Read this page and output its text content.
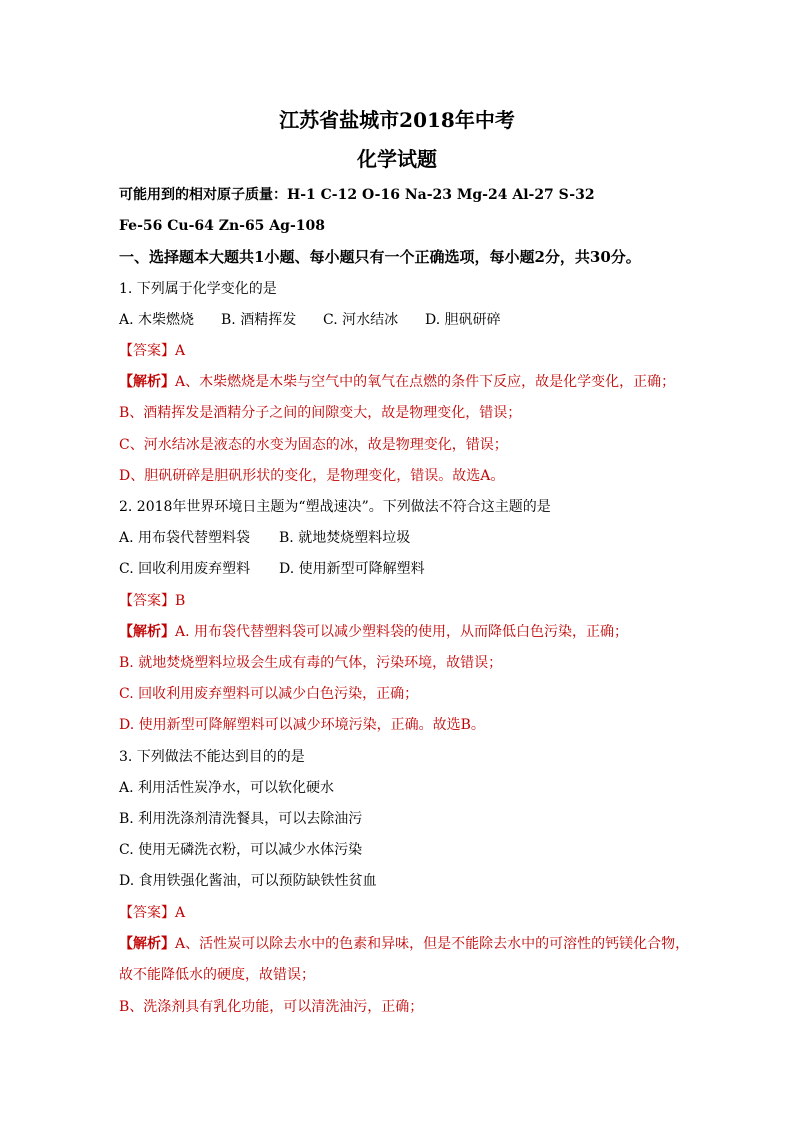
江苏省盐城市2018年中考
化学试题
可能用到的相对原子质量：H-1 C-12 O-16 Na-23 Mg-24 Al-27 S-32
Fe-56 Cu-64 Zn-65 Ag-108
一、选择题本大题共1小题、每小题只有一个正确选项，每小题2分，共30分。
1. 下列属于化学变化的是
A. 木柴燃烧 B. 酒精挥发 C. 河水结冰 D. 胆矾研碎
【答案】A
【解析】A、木柴燃烧是木柴与空气中的氧气在点燃的条件下反应，故是化学变化，正确；
B、酒精挥发是酒精分子之间的间隙变大，故是物理变化，错误；
C、河水结冰是液态的水变为固态的冰，故是物理变化，错误；
D、胆矾研碎是胆矾形状的变化，是物理变化，错误。故选A。
2. 2018年世界环境日主题为“塑战速决”。下列做法不符合这主题的是
A. 用布袋代替塑料袋 B. 就地焚烧塑料垃圾
C. 回收利用废弃塑料 D. 使用新型可降解塑料
【答案】B
【解析】A. 用布袋代替塑料袋可以减少塑料袋的使用，从而降低白色污染，正确；
B. 就地焚烧塑料垃圾会生成有毒的气体，污染环境，故错误；
C. 回收利用废弃塑料可以减少白色污染，正确；
D. 使用新型可降解塑料可以减少环境污染，正确。故选B。
3. 下列做法不能达到目的的是
A. 利用活性炭净水，可以软化硬水
B. 利用洗涤剂清洗餐具，可以去除油污
C. 使用无磷洗衣粉，可以减少水体污染
D. 食用铁强化酱油，可以预防缺铁性贫血
【答案】A
【解析】A、活性炭可以除去水中的色素和异味，但是不能除去水中的可溶性的钙镁化合物，
故不能降低水的硬度，故错误；
B、洗涤剂具有乳化功能，可以清洗油污，正确；
